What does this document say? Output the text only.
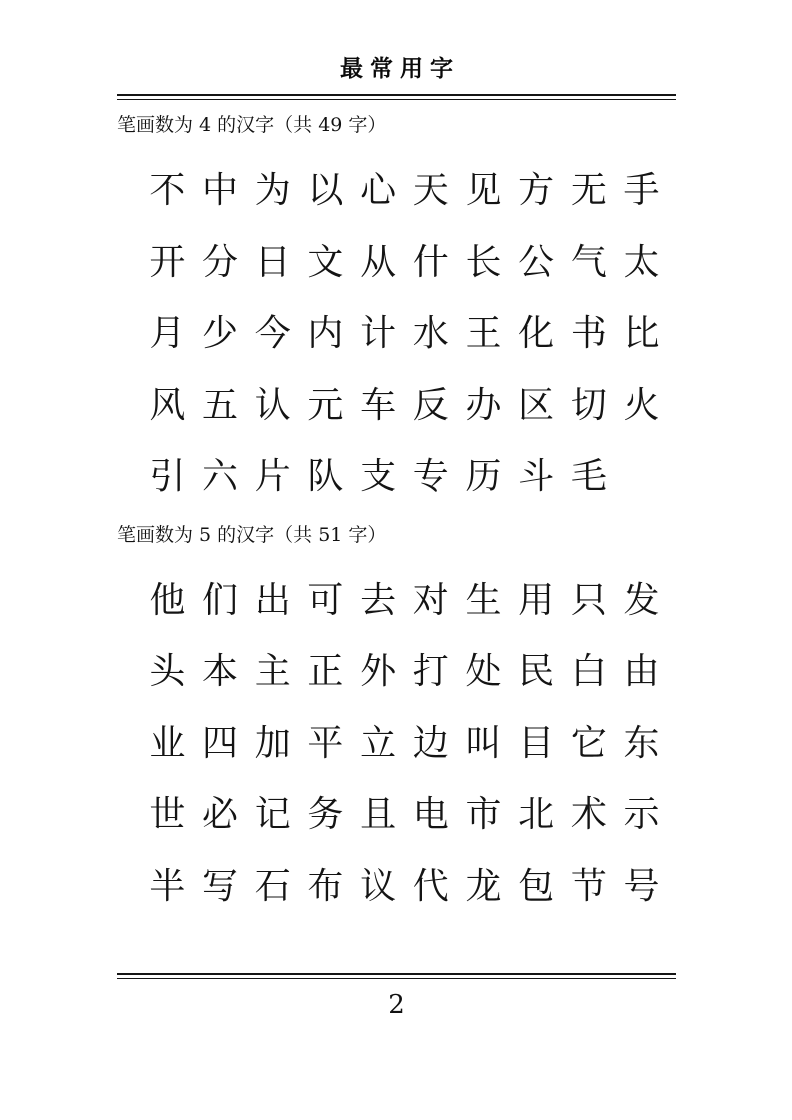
最常用字
笔画数为 4 的汉字（共 49 字）
不 中 为 以 心 天 见 方 无 手
开 分 日 文 从 什 长 公 气 太
月 少 今 内 计 水 王 化 书 比
风 五 认 元 车 反 办 区 切 火
引 六 片 队 支 专 历 斗 毛
笔画数为 5 的汉字（共 51 字）
他 们 出 可 去 对 生 用 只 发
头 本 主 正 外 打 处 民 白 由
业 四 加 平 立 边 叫 目 它 东
世 必 记 务 且 电 市 北 术 示
半 写 石 布 议 代 龙 包 节 号
2
